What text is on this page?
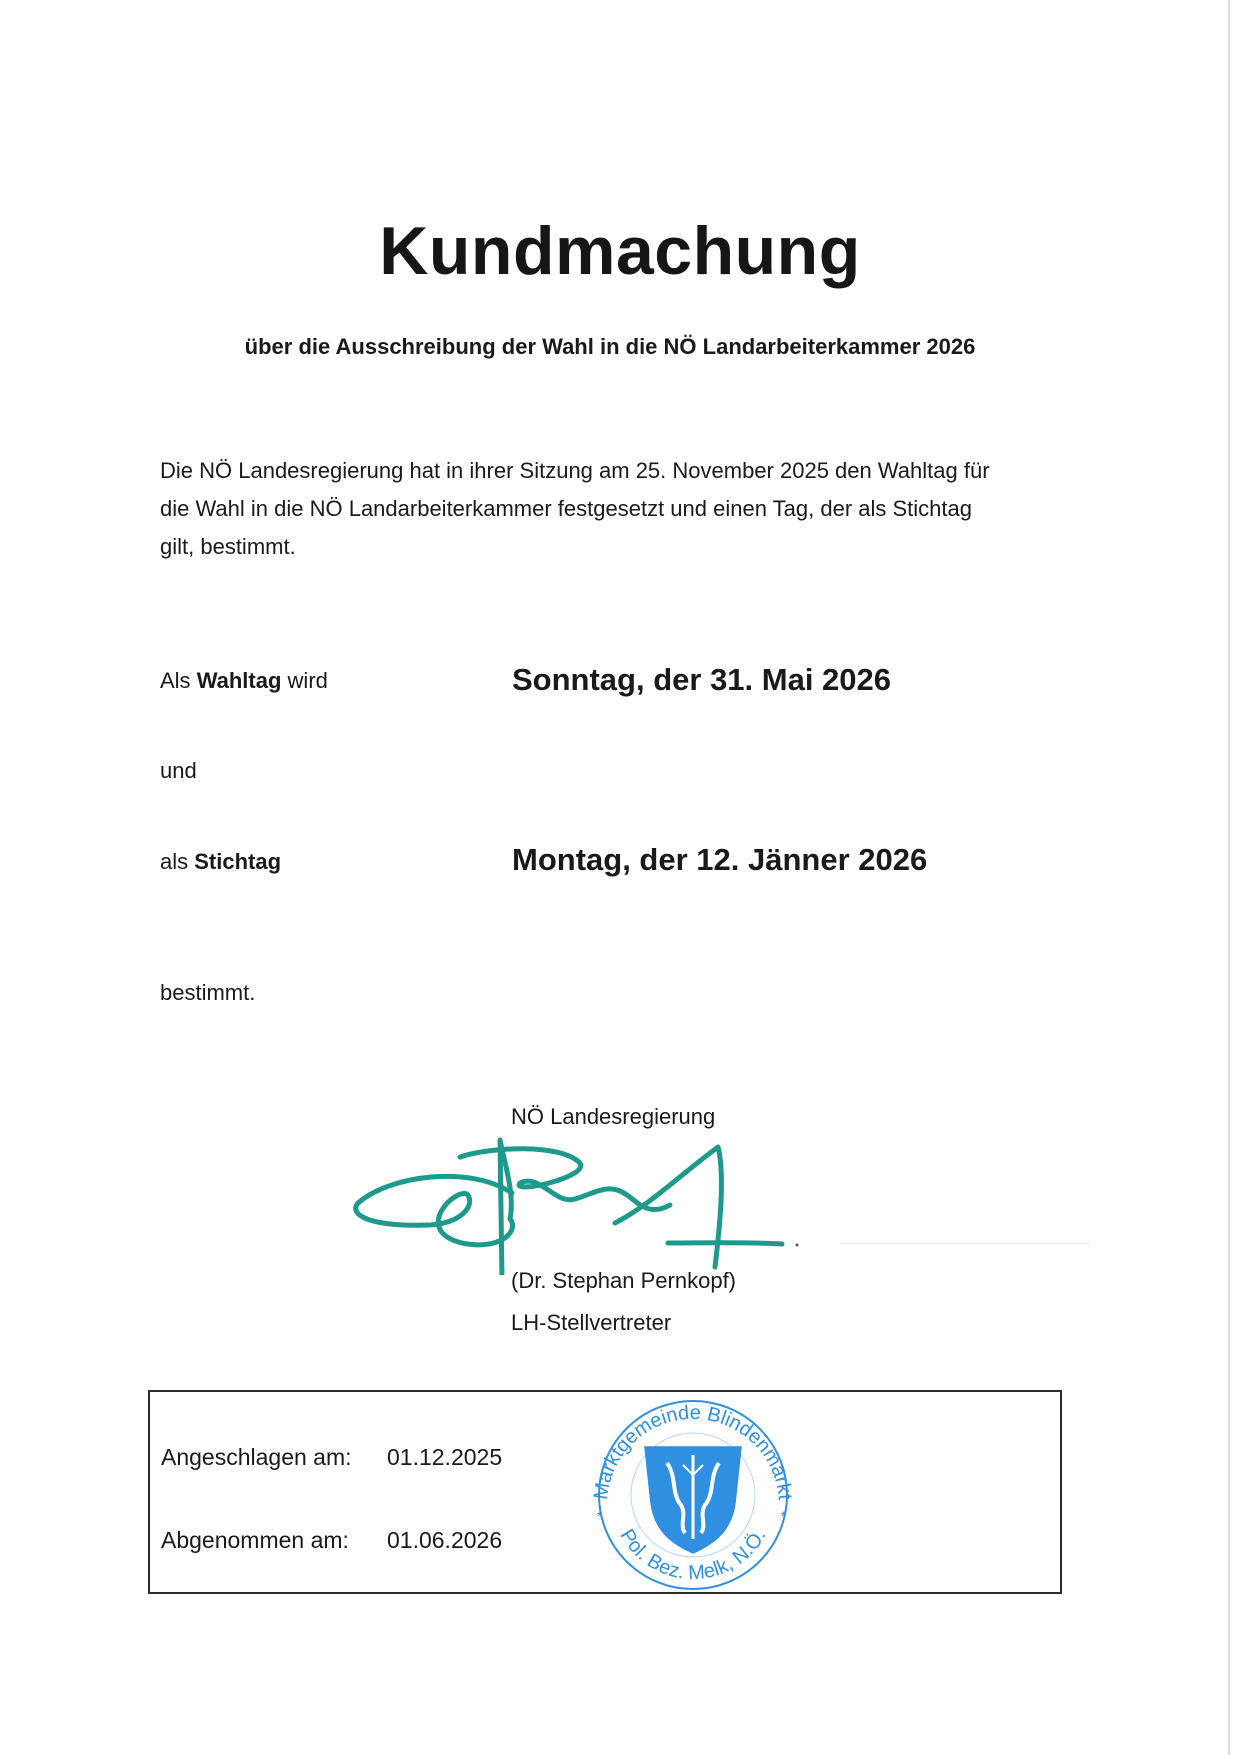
Kundmachung
über die Ausschreibung der Wahl in die NÖ Landarbeiterkammer 2026
Die NÖ Landesregierung hat in ihrer Sitzung am 25. November 2025 den Wahltag für
die Wahl in die NÖ Landarbeiterkammer festgesetzt und einen Tag, der als Stichtag
gilt, bestimmt.
Als Wahltag wird	Sonntag, der 31. Mai 2026
und
als Stichtag	Montag, der 12. Jänner 2026
bestimmt.
NÖ Landesregierung
(Dr. Stephan Pernkopf)
LH-Stellvertreter
Angeschlagen am: 01.12.2025
Abgenommen am: 01.06.2026
Marktgemeinde Blindenmarkt
Pol. Bez. Melk, N.Ö.
*	*
